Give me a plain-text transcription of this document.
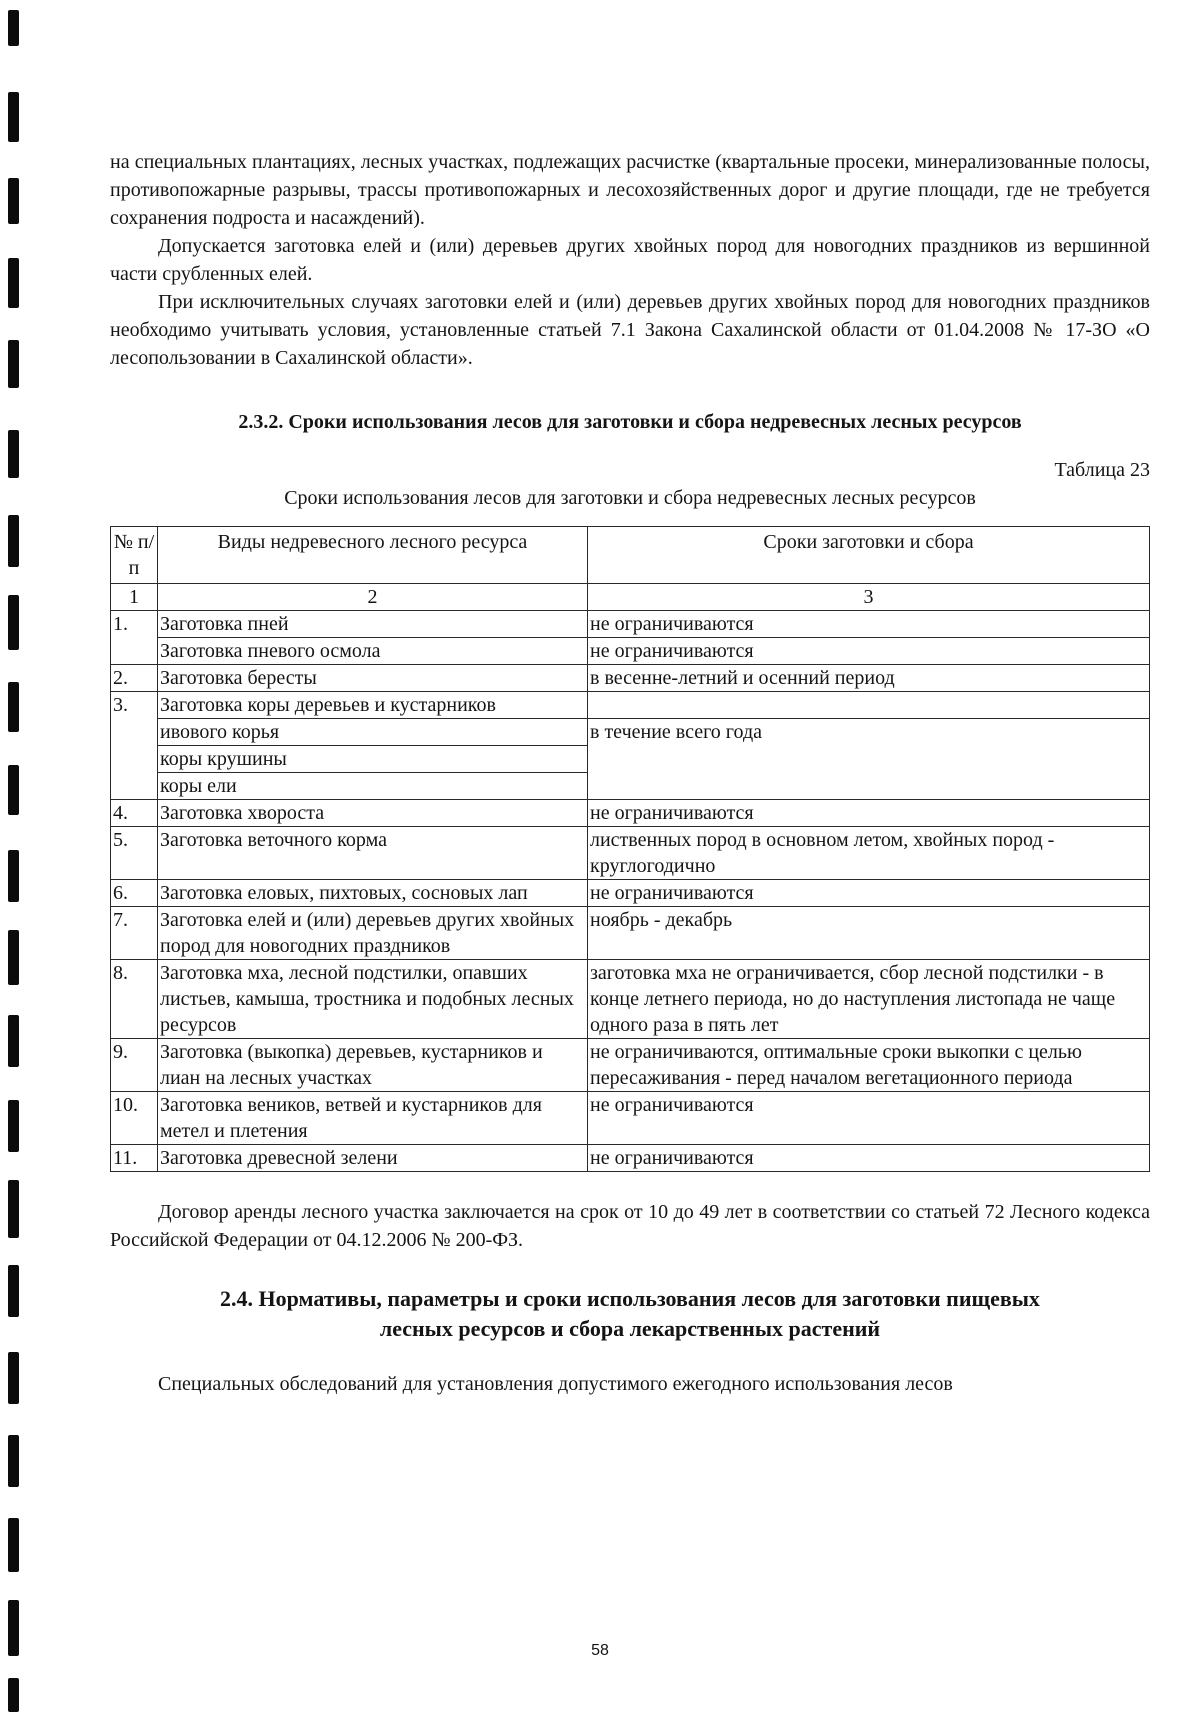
на специальных плантациях, лесных участках, подлежащих расчистке (квартальные просеки, минерализованные полосы, противопожарные разрывы, трассы противопожарных и лесохозяйственных дорог и другие площади, где не требуется сохранения подроста и насаждений).

Допускается заготовка елей и (или) деревьев других хвойных пород для новогодних праздников из вершинной части срубленных елей.

При исключительных случаях заготовки елей и (или) деревьев других хвойных пород для новогодних праздников необходимо учитывать условия, установленные статьей 7.1 Закона Сахалинской области от 01.04.2008 № 17-ЗО «О лесопользовании в Сахалинской области».

2.3.2. Сроки использования лесов для заготовки и сбора недревесных лесных ресурсов
Таблица 23
Сроки использования лесов для заготовки и сбора недревесных лесных ресурсов
№ п/п	Виды недревесного лесного ресурса	Сроки заготовки и сбора
1	2	3
1.	Заготовка пней	не ограничиваются
	Заготовка пневого осмола	не ограничиваются
2.	Заготовка бересты	в весенне-летний и осенний период
3.	Заготовка коры деревьев и кустарников	
	ивового корья	в течение всего года
	коры крушины	
	коры ели	
4.	Заготовка хвороста	не ограничиваются
5.	Заготовка веточного корма	лиственных пород в основном летом, хвойных пород - круглогодично
6.	Заготовка еловых, пихтовых, сосновых лап	не ограничиваются
7.	Заготовка елей и (или) деревьев других хвойных пород для новогодних праздников	ноябрь - декабрь
8.	Заготовка мха, лесной подстилки, опавших листьев, камыша, тростника и подобных лесных ресурсов	заготовка мха не ограничивается, сбор лесной подстилки - в конце летнего периода, но до наступления листопада не чаще одного раза в пять лет
9.	Заготовка (выкопка) деревьев, кустарников и лиан на лесных участках	не ограничиваются, оптимальные сроки выкопки с целью пересаживания - перед началом вегетационного периода
10.	Заготовка веников, ветвей и кустарников для метел и плетения	не ограничиваются
11.	Заготовка древесной зелени	не ограничиваются

Договор аренды лесного участка заключается на срок от 10 до 49 лет в соответствии со статьей 72 Лесного кодекса Российской Федерации от 04.12.2006 № 200-ФЗ.

2.4. Нормативы, параметры и сроки использования лесов для заготовки пищевых
лесных ресурсов и сбора лекарственных растений

Специальных обследований для установления допустимого ежегодного использования лесов

58
